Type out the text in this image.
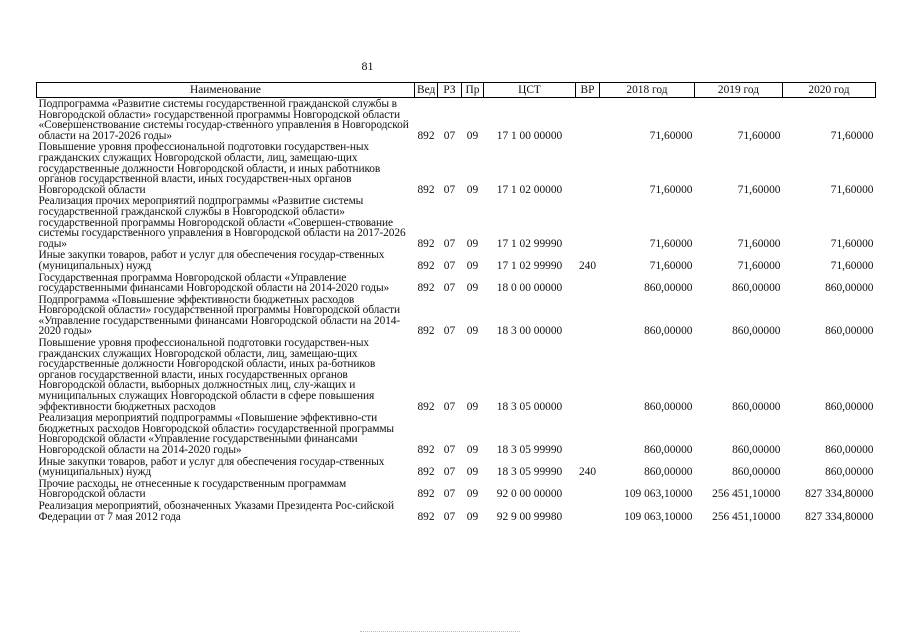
81
Наименование	Вед	РЗ	Пр	ЦСТ	ВР	2018 год	2019 год	2020 год
Подпрограмма «Развитие системы государственной гражданской службы в Новгородской области» государственной программы Новгородской области «Совершенствование системы государ-ственного управления в Новгородской области на 2017-2026 годы»	892	07	09	17 1 00 00000		71,60000	71,60000	71,60000
Повышение уровня профессиональной подготовки государствен-ных гражданских служащих Новгородской области, лиц, замещаю-щих государственные должности Новгородской области, и иных работников органов государственной власти, иных государствен-ных органов Новгородской области	892	07	09	17 1 02 00000		71,60000	71,60000	71,60000
Реализация прочих мероприятий подпрограммы «Развитие системы государственной гражданской службы в Новгородской области» государственной программы Новгородской области «Совершен-ствование системы государственного управления в Новгородской области на 2017-2026 годы»	892	07	09	17 1 02 99990		71,60000	71,60000	71,60000
Иные закупки товаров, работ и услуг для обеспечения государ-ственных (муниципальных) нужд	892	07	09	17 1 02 99990	240	71,60000	71,60000	71,60000
Государственная программа Новгородской области «Управление государственными финансами Новгородской области на 2014-2020 годы»	892	07	09	18 0 00 00000		860,00000	860,00000	860,00000
Подпрограмма «Повышение эффективности бюджетных расходов Новгородской области» государственной программы Новгородской области «Управление государственными финансами Новгородской области на 2014-2020 годы»	892	07	09	18 3 00 00000		860,00000	860,00000	860,00000
Повышение уровня профессиональной подготовки государствен-ных гражданских служащих Новгородской области, лиц, замещаю-щих государственные должности Новгородской области, иных ра-ботников органов государственной власти, иных государственных органов Новгородской области, выборных должностных лиц, слу-жащих и муниципальных служащих Новгородской области в сфере повышения эффективности бюджетных расходов	892	07	09	18 3 05 00000		860,00000	860,00000	860,00000
Реализация мероприятий подпрограммы «Повышение эффективно-сти бюджетных расходов Новгородской области» государственной программы Новгородской области «Управление государственными финансами Новгородской области на 2014-2020 годы»	892	07	09	18 3 05 99990		860,00000	860,00000	860,00000
Иные закупки товаров, работ и услуг для обеспечения государ-ственных (муниципальных) нужд	892	07	09	18 3 05 99990	240	860,00000	860,00000	860,00000
Прочие расходы, не отнесенные к государственным программам Новгородской области	892	07	09	92 0 00 00000		109 063,10000	256 451,10000	827 334,80000
Реализация мероприятий, обозначенных Указами Президента Рос-сийской Федерации от 7 мая 2012 года	892	07	09	92 9 00 99980		109 063,10000	256 451,10000	827 334,80000
